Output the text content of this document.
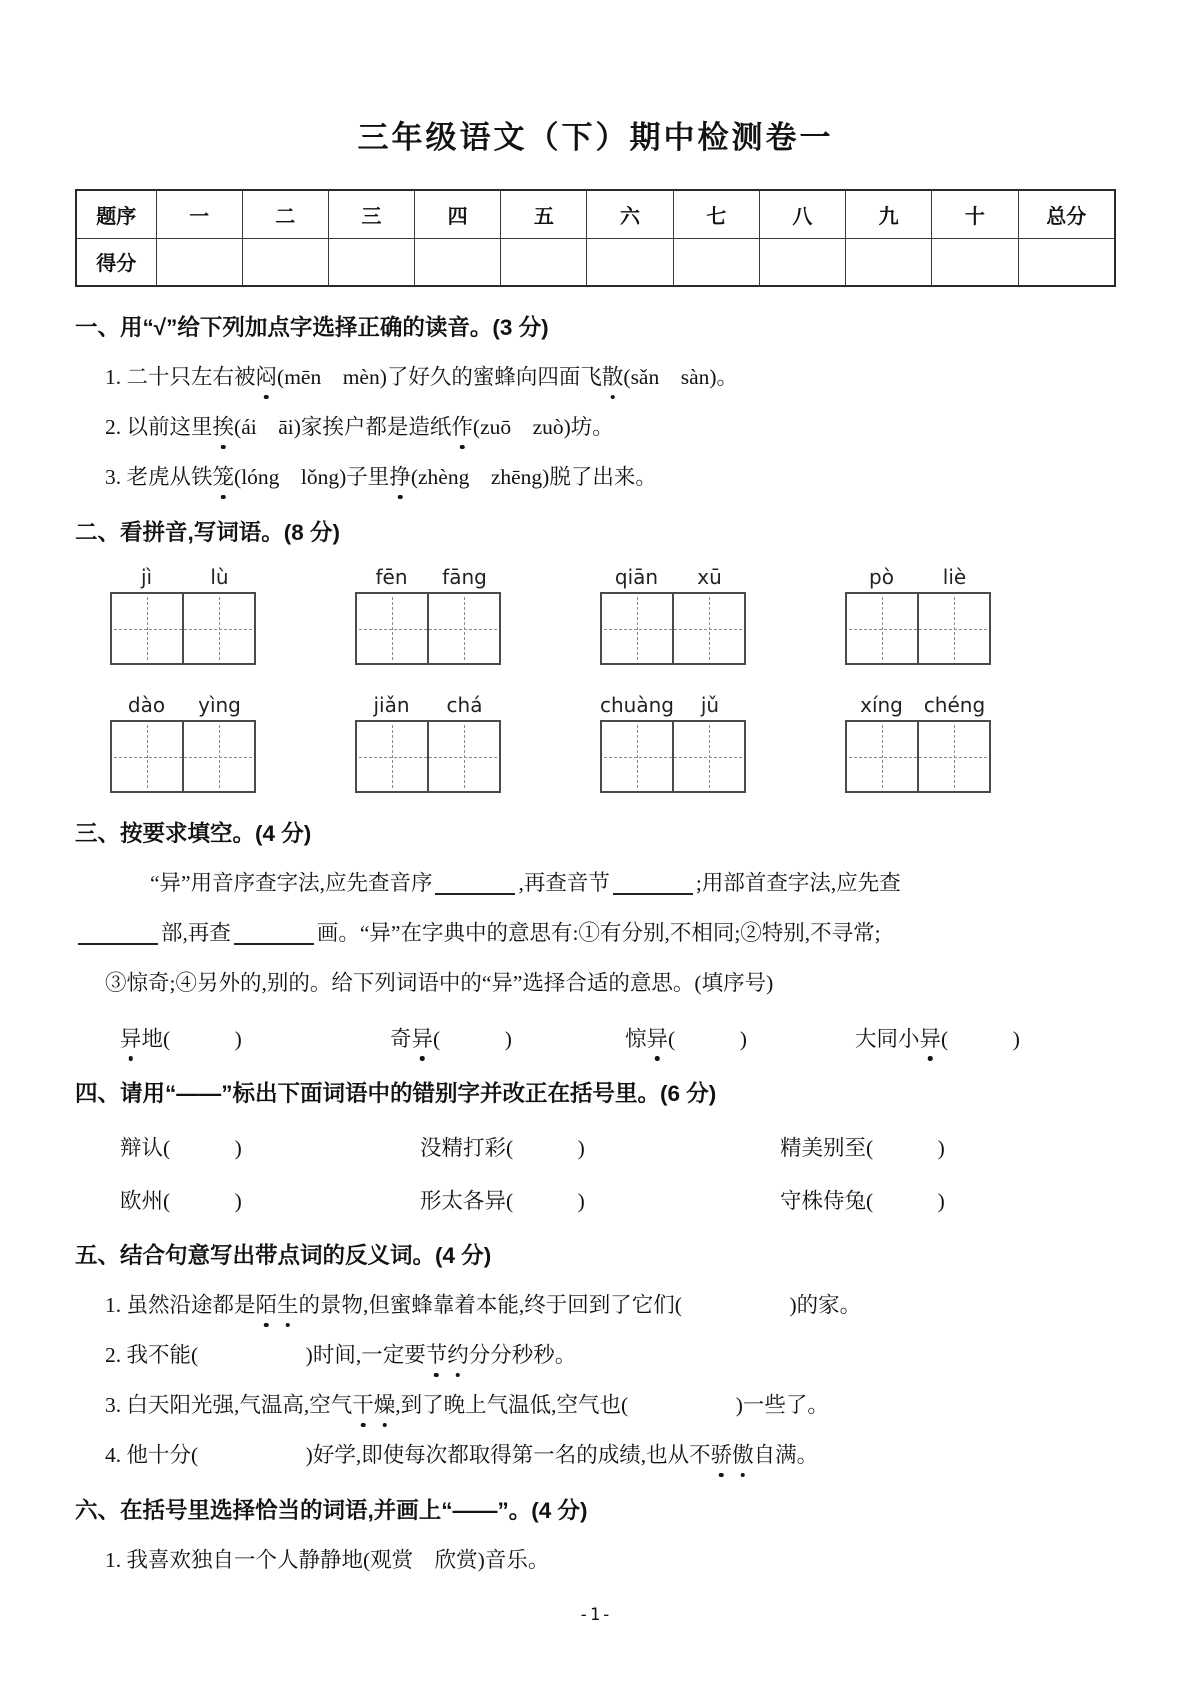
三年级语文（下）期中检测卷一
题序	一	二	三	四	五	六	七	八	九	十	总分
得分											
一、用“√”给下列加点字选择正确的读音。(3 分)

1. 二十只左右被闷(mēn　mèn)了好久的蜜蜂向四面飞散(sǎn　sàn)。

2. 以前这里挨(ái　āi)家挨户都是造纸作(zuō　zuò)坊。

3. 老虎从铁笼(lóng　lǒng)子里挣(zhèng　zhēng)脱了出来。

二、看拼音,写词语。(8 分)
jì	lù	fēn	fāng	qiān	xū	pò	liè
dào	yìng	jiǎn	chá	chuàng	jǔ	xíng	chéng
三、按要求填空。(4 分)

“异”用音序查字法,应先查音序	,再查音节	;用部首查字法,应先查

部,再查	画。“异”在字典中的意思有:①有分别,不相同;②特别,不寻常;

③惊奇;④另外的,别的。给下列词语中的“异”选择合适的意思。(填序号)

异地(　　　)	奇异(　　　)	惊异(　　　)	大同小异(　　　)
四、请用“——”标出下面词语中的错别字并改正在括号里。(6 分)
辩认(　　　)	没精打彩(　　　)	精美别至(　　　)
欧州(　　　)	形太各异(　　　)	守株侍兔(　　　)
五、结合句意写出带点词的反义词。(4 分)

1. 虽然沿途都是陌生的景物,但蜜蜂靠着本能,终于回到了它们(　　　　　)的家。

2. 我不能(　　　　　)时间,一定要节约分分秒秒。

3. 白天阳光强,气温高,空气干燥,到了晚上气温低,空气也(　　　　　)一些了。

4. 他十分(　　　　　)好学,即使每次都取得第一名的成绩,也从不骄傲自满。

六、在括号里选择恰当的词语,并画上“——”。(4 分)

1. 我喜欢独自一个人静静地(观赏　欣赏)音乐。

-1-
